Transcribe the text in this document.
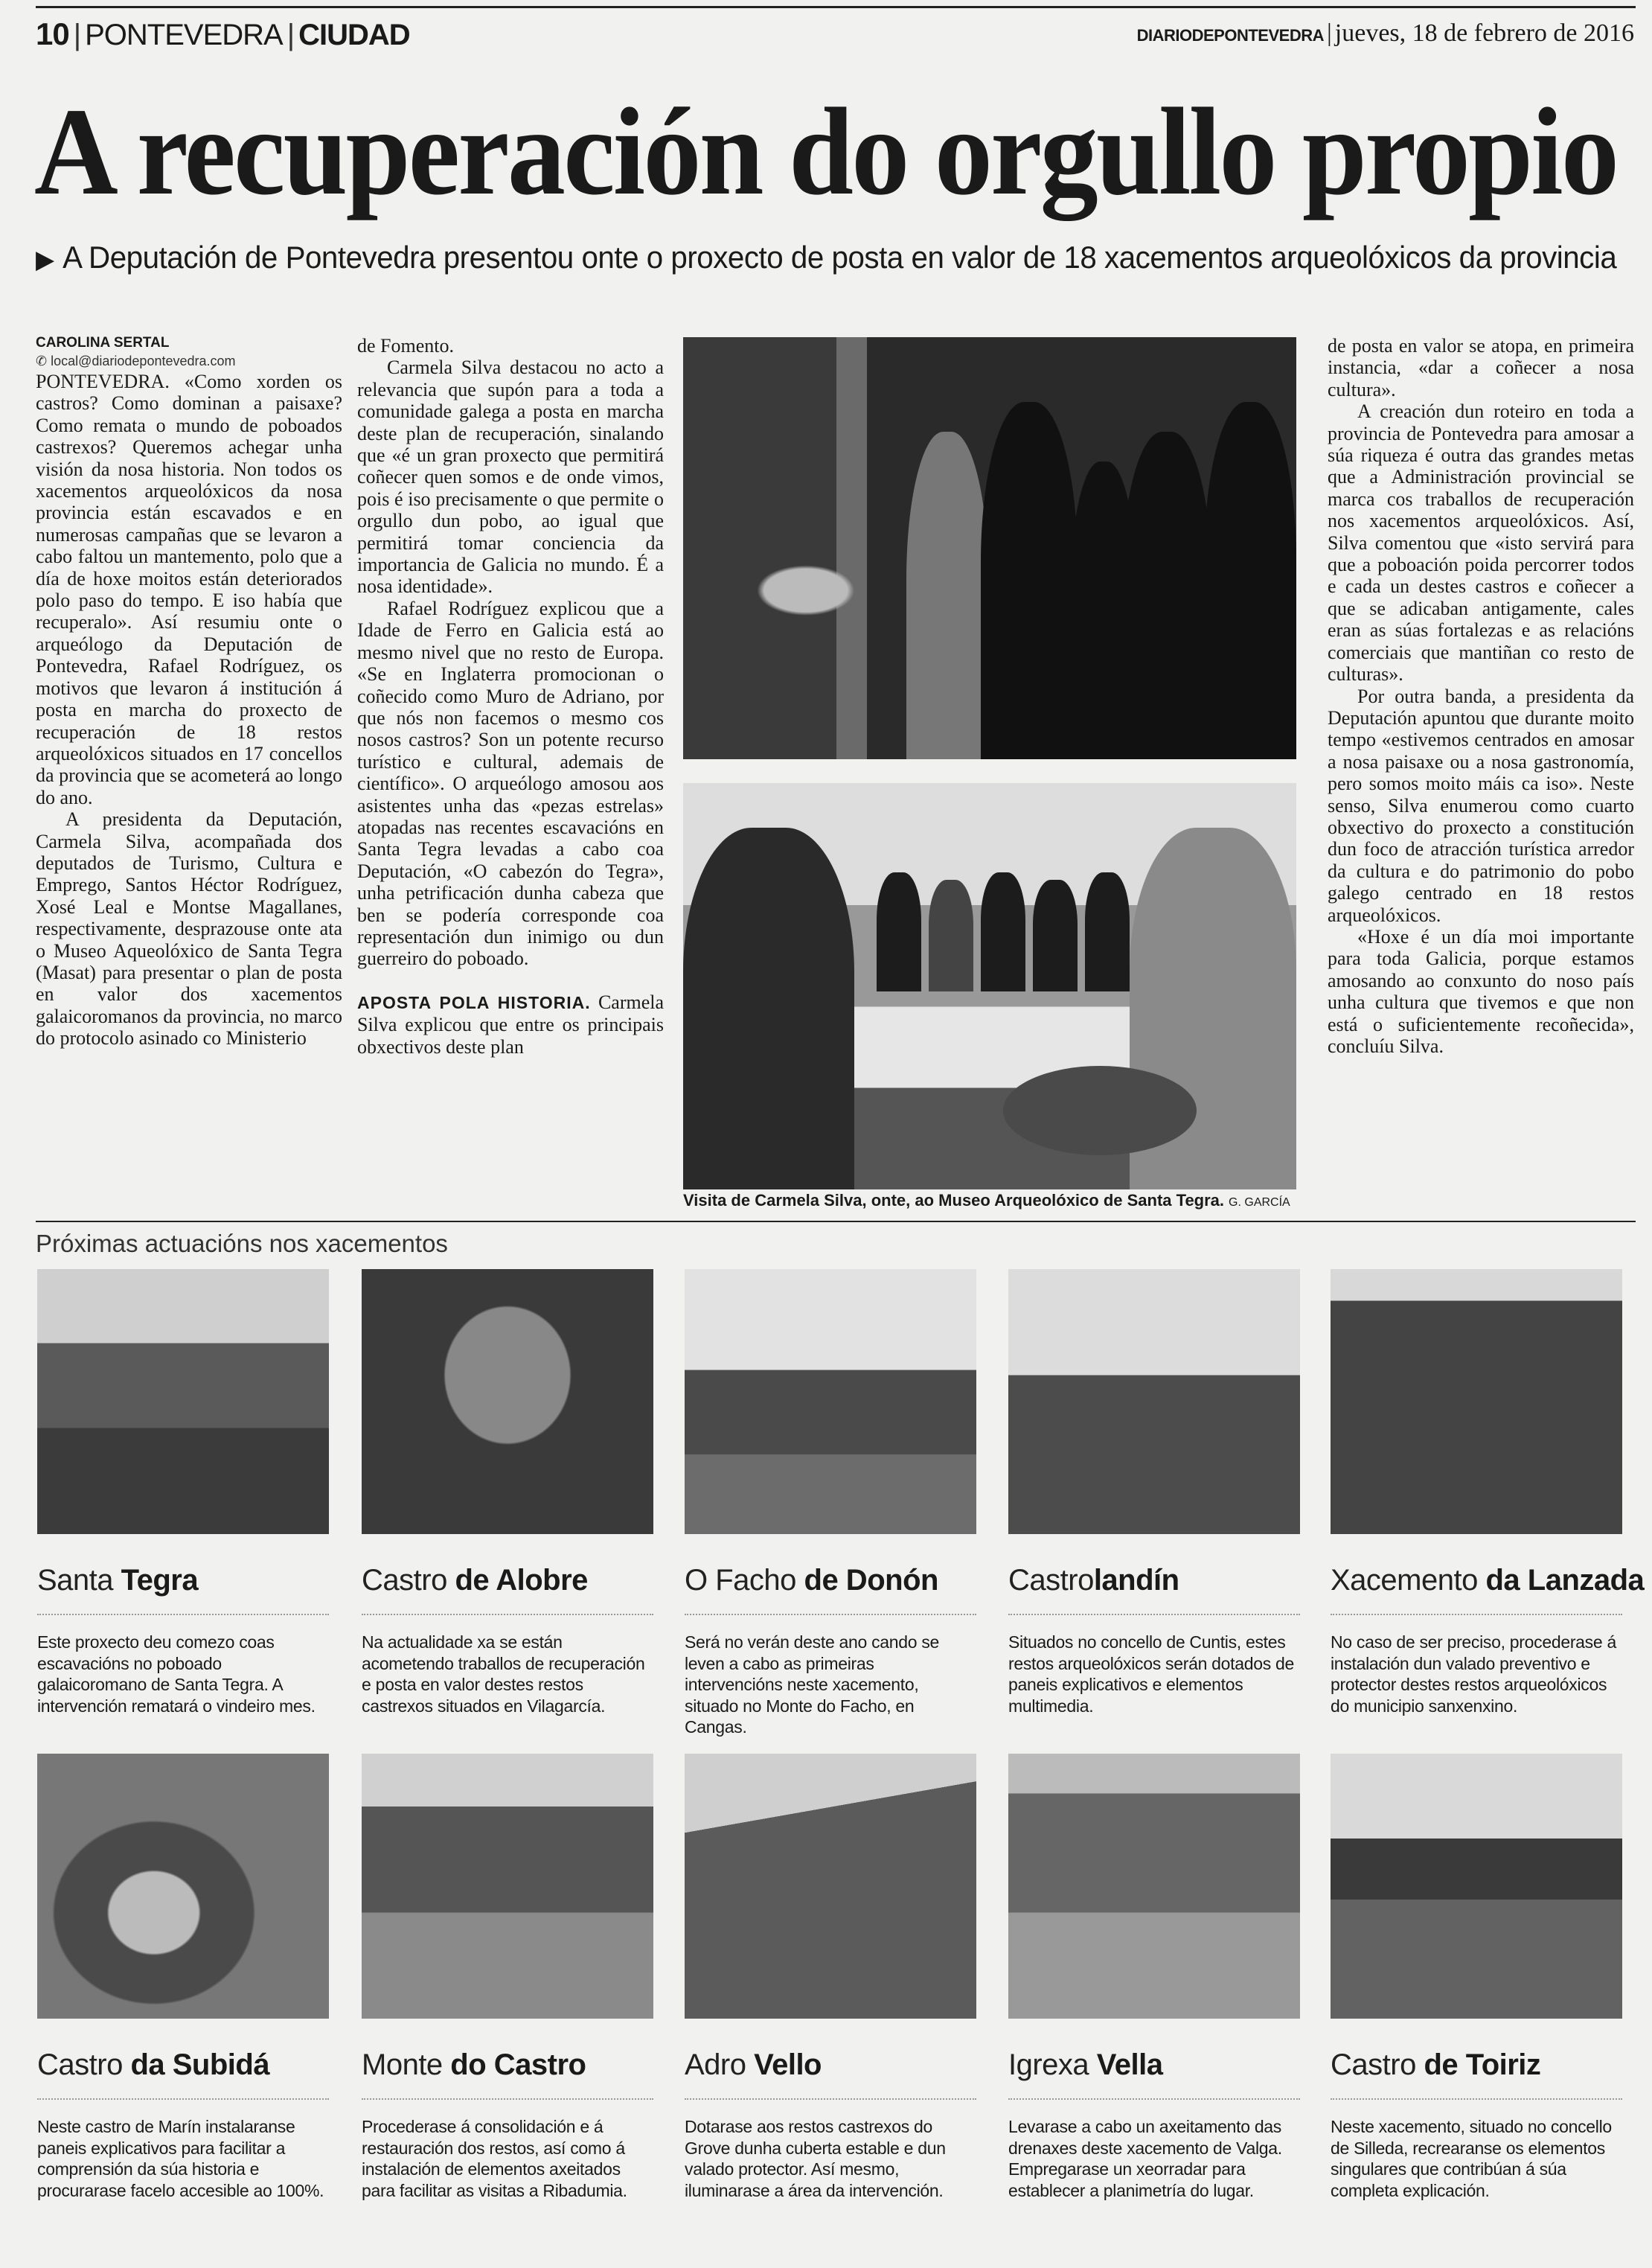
10 | PONTEVEDRA | CIUDAD	DIARIODEPONTEVEDRA | jueves, 18 de febrero de 2016
A recuperación do orgullo propio
▶ A Deputación de Pontevedra presentou onte o proxecto de posta en valor de 18 xacementos arqueolóxicos da provincia
CAROLINA SERTAL
✆ local@diariodepontevedra.com

PONTEVEDRA. «Como xorden os castros? Como dominan a paisaxe? Como remata o mundo de poboados castrexos? Queremos achegar unha visión da nosa historia. Non todos os xacementos arqueolóxicos da nosa provincia están escavados e en numerosas campañas que se levaron a cabo faltou un mantemento, polo que a día de hoxe moitos están deteriorados polo paso do tempo. E iso había que recuperalo». Así resumiu onte o arqueólogo da Deputación de Pontevedra, Rafael Rodríguez, os motivos que levaron á institución á posta en marcha do proxecto de recuperación de 18 restos arqueolóxicos situados en 17 concellos da provincia que se acometerá ao longo do ano.

A presidenta da Deputación, Carmela Silva, acompañada dos deputados de Turismo, Cultura e Emprego, Santos Héctor Rodríguez, Xosé Leal e Montse Magallanes, respectivamente, desprazouse onte ata o Museo Aqueolóxico de Santa Tegra (Masat) para presentar o plan de posta en valor dos xacementos galaicoromanos da provincia, no marco do protocolo asinado co Ministerio

de Fomento.

Carmela Silva destacou no acto a relevancia que supón para a toda a comunidade galega a posta en marcha deste plan de recuperación, sinalando que «é un gran proxecto que permitirá coñecer quen somos e de onde vimos, pois é iso precisamente o que permite o orgullo dun pobo, ao igual que permitirá tomar conciencia da importancia de Galicia no mundo. É a nosa identidade».

Rafael Rodríguez explicou que a Idade de Ferro en Galicia está ao mesmo nivel que no resto de Europa. «Se en Inglaterra promocionan o coñecido como Muro de Adriano, por que nós non facemos o mesmo cos nosos castros? Son un potente recurso turístico e cultural, ademais de científico». O arqueólogo amosou aos asistentes unha das «pezas estrelas» atopadas nas recentes escavacións en Santa Tegra levadas a cabo coa Deputación, «O cabezón do Tegra», unha petrificación dunha cabeza que ben se podería corresponde coa representación dun inimigo ou dun guerreiro do poboado.

APOSTA POLA HISTORIA. Carmela Silva explicou que entre os principais obxectivos deste plan

Visita de Carmela Silva, onte, ao Museo Arqueolóxico de Santa Tegra. G. GARCÍA

de posta en valor se atopa, en primeira instancia, «dar a coñecer a nosa cultura».

A creación dun roteiro en toda a provincia de Pontevedra para amosar a súa riqueza é outra das grandes metas que a Administración provincial se marca cos traballos de recuperación nos xacementos arqueolóxicos. Así, Silva comentou que «isto servirá para que a poboación poida percorrer todos e cada un destes castros e coñecer a que se adicaban antigamente, cales eran as súas fortalezas e as relacións comerciais que mantiñan co resto de culturas».

Por outra banda, a presidenta da Deputación apuntou que durante moito tempo «estivemos centrados en amosar a nosa paisaxe ou a nosa gastronomía, pero somos moito máis ca iso». Neste senso, Silva enumerou como cuarto obxectivo do proxecto a constitución dun foco de atracción turística arredor da cultura e do patrimonio do pobo galego centrado en 18 restos arqueolóxicos.

«Hoxe é un día moi importante para toda Galicia, porque estamos amosando ao conxunto do noso país unha cultura que tivemos e que non está o suficientemente recoñecida», concluíu Silva.

Próximas actuacións nos xacementos
Santa Tegra
Este proxecto deu comezo coas escavacións no poboado galaicoromano de Santa Tegra. A intervención rematará o vindeiro mes.
Castro de Alobre
Na actualidade xa se están acometendo traballos de recuperación e posta en valor destes restos castrexos situados en Vilagarcía.
O Facho de Donón
Será no verán deste ano cando se leven a cabo as primeiras intervencións neste xacemento, situado no Monte do Facho, en Cangas.
Castrolandín
Situados no concello de Cuntis, estes restos arqueolóxicos serán dotados de paneis explicativos e elementos multimedia.
Xacemento da Lanzada
No caso de ser preciso, procederase á instalación dun valado preventivo e protector destes restos arqueolóxicos do municipio sanxenxino.
Castro da Subidá
Neste castro de Marín instalaranse paneis explicativos para facilitar a comprensión da súa historia e procurarase facelo accesible ao 100%.
Monte do Castro
Procederase á consolidación e á restauración dos restos, así como á instalación de elementos axeitados para facilitar as visitas a Ribadumia.
Adro Vello
Dotarase aos restos castrexos do Grove dunha cuberta estable e dun valado protector. Así mesmo, iluminarase a área da intervención.
Igrexa Vella
Levarase a cabo un axeitamento das drenaxes deste xacemento de Valga. Empregarase un xeorradar para establecer a planimetría do lugar.
Castro de Toiriz
Neste xacemento, situado no concello de Silleda, recrearanse os elementos singulares que contribúan á súa completa explicación.
